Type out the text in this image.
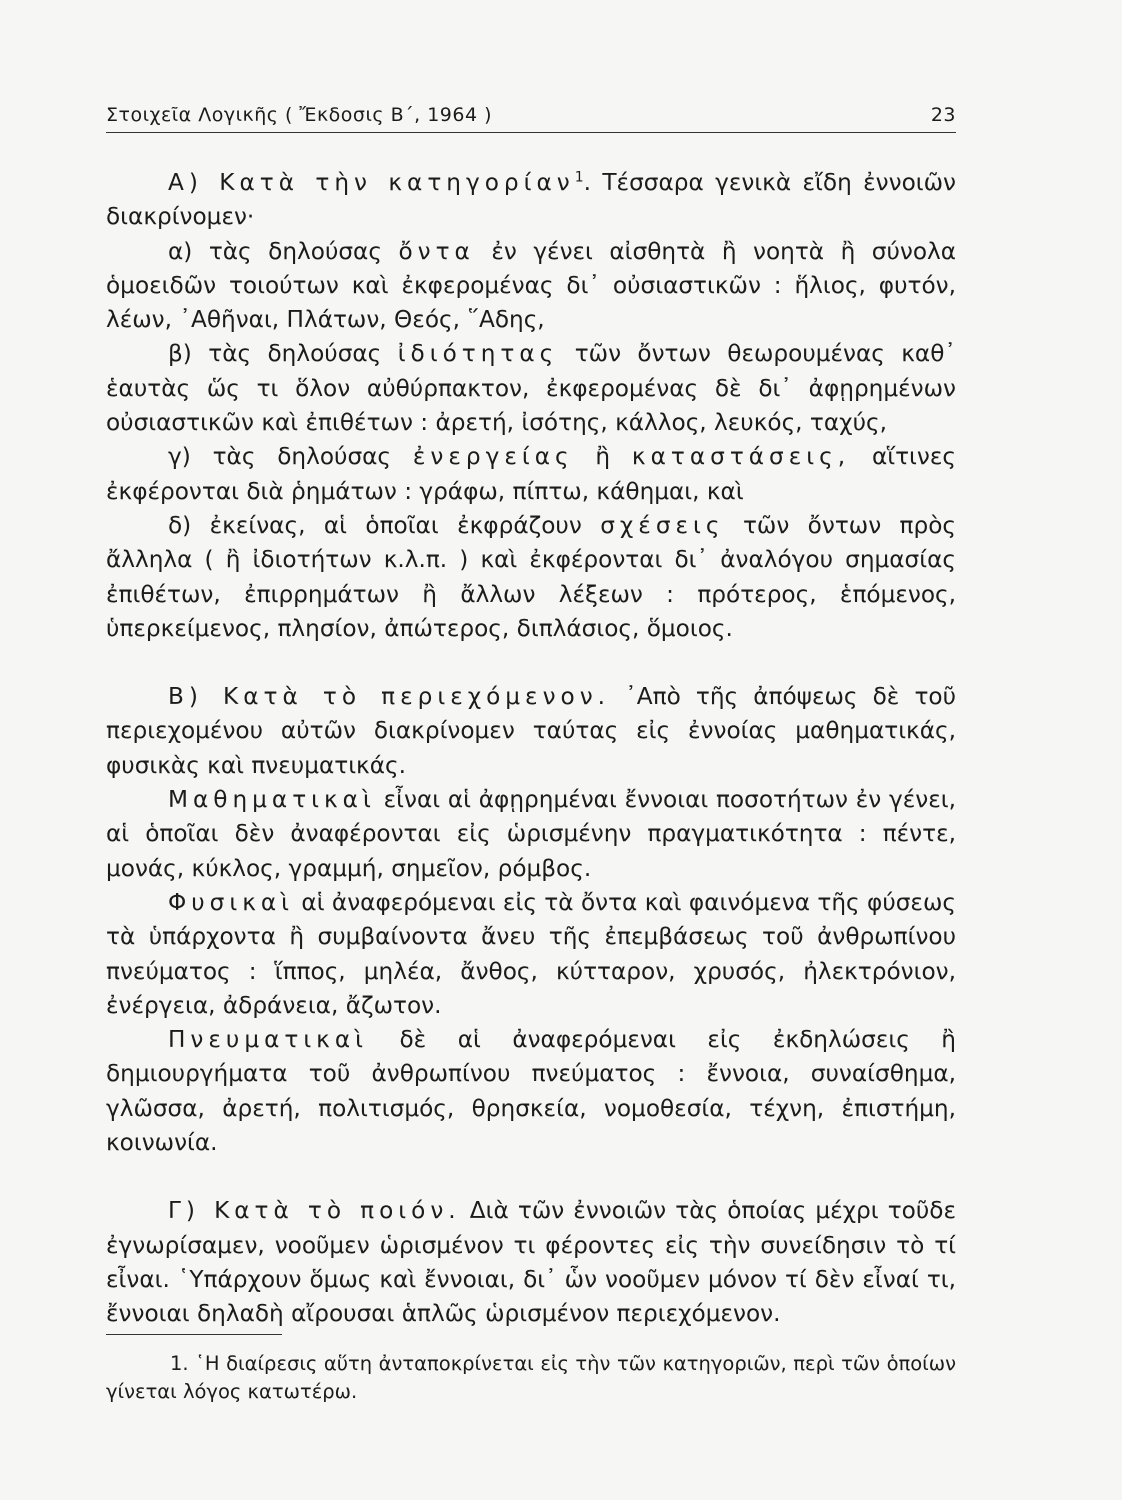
Στοιχεῖα Λογικῆς ( Ἔκδοσις Β΄, 1964 )	23

Α) Κατὰ τὴν κατηγορίαν$^1$. Τέσσαρα γενικὰ εἴδη ἐννοιῶν διακρίνομεν·

α) τὰς δηλούσας ὄντα ἐν γένει αἰσθητὰ ἢ νοητὰ ἢ σύνολα ὁμοειδῶν τοιούτων καὶ ἐκφερομένας δι᾽ οὐσιαστικῶν : ἥλιος, φυτόν, λέων, ᾽Αθῆναι, Πλάτων, Θεός, ῞Αδης,

β) τὰς δηλούσας ἰδιότητας τῶν ὄντων θεωρουμένας καθ᾽ ἑαυτὰς ὥς τι ὅλον αὐθύρπακτον, ἐκφερομένας δὲ δι᾽ ἀφῃρημένων οὐσιαστικῶν καὶ ἐπιθέτων : ἀρετή, ἰσότης, κάλλος, λευκός, ταχύς,

γ) τὰς δηλούσας ἐνεργείας ἢ καταστάσεις, αἵτινες ἐκφέρονται διὰ ῥημάτων : γράφω, πίπτω, κάθημαι, καὶ

δ) ἐκείνας, αἱ ὁποῖαι ἐκφράζουν σχέσεις τῶν ὄντων πρὸς ἄλληλα ( ἢ ἰδιοτήτων κ.λ.π. ) καὶ ἐκφέρονται δι᾽ ἀναλόγου σημασίας ἐπιθέτων, ἐπιρρημάτων ἢ ἄλλων λέξεων : πρότερος, ἑπόμενος, ὑπερκείμενος, πλησίον, ἀπώτερος, διπλάσιος, ὅμοιος.

Β) Κατὰ τὸ περιεχόμενον. ᾽Απὸ τῆς ἀπόψεως δὲ τοῦ περιεχομένου αὐτῶν διακρίνομεν ταύτας εἰς ἐννοίας μαθηματικάς, φυσικὰς καὶ πνευματικάς.

Μαθηματικαὶ εἶναι αἱ ἀφῃρημέναι ἔννοιαι ποσοτήτων ἐν γένει, αἱ ὁποῖαι δὲν ἀναφέρονται εἰς ὡρισμένην πραγματικότητα : πέντε, μονάς, κύκλος, γραμμή, σημεῖον, ρόμβος.

Φυσικαὶ αἱ ἀναφερόμεναι εἰς τὰ ὄντα καὶ φαινόμενα τῆς φύσεως τὰ ὑπάρχοντα ἢ συμβαίνοντα ἄνευ τῆς ἐπεμβάσεως τοῦ ἀνθρωπίνου πνεύματος : ἵππος, μηλέα, ἄνθος, κύτταρον, χρυσός, ἠλεκτρόνιον, ἐνέργεια, ἀδράνεια, ἄζωτον.

Πνευματικαὶ δὲ αἱ ἀναφερόμεναι εἰς ἐκδηλώσεις ἢ δημιουργήματα τοῦ ἀνθρωπίνου πνεύματος : ἔννοια, συναίσθημα, γλῶσσα, ἀρετή, πολιτισμός, θρησκεία, νομοθεσία, τέχνη, ἐπιστήμη, κοινωνία.

Γ) Κατὰ τὸ ποιόν. Διὰ τῶν ἐννοιῶν τὰς ὁποίας μέχρι τοῦδε ἐγνωρίσαμεν, νοοῦμεν ὡρισμένον τι φέροντες εἰς τὴν συνείδησιν τὸ τί εἶναι. ῾Υπάρχουν ὅμως καὶ ἔννοιαι, δι᾽ ὧν νοοῦμεν μόνον τί δὲν εἶναί τι, ἔννοιαι δηλαδὴ αἴρουσαι ἁπλῶς ὡρισμένον περιεχόμενον.

1. ῾Η διαίρεσις αὕτη ἀνταποκρίνεται εἰς τὴν τῶν κατηγοριῶν, περὶ τῶν ὁποίων γίνεται λόγος κατωτέρω.
